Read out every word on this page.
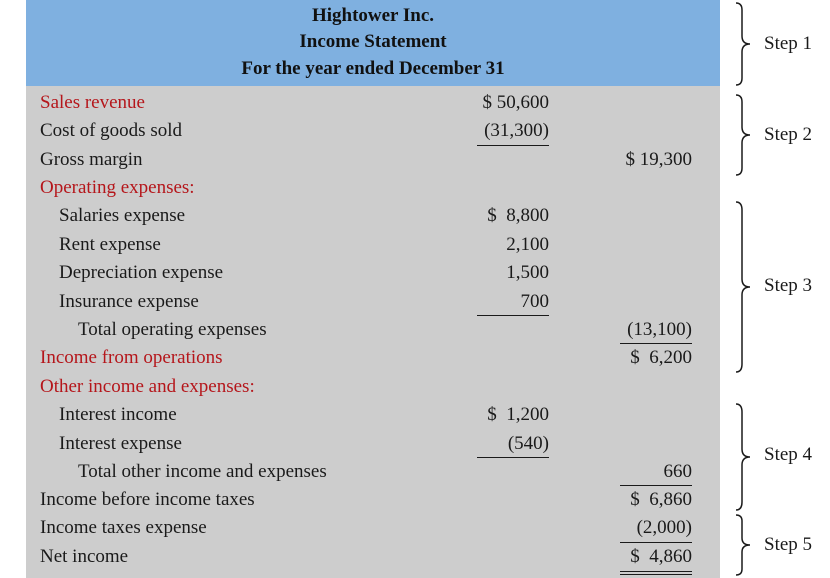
Hightower Inc.
Income Statement
For the year ended December 31
Sales revenue	$ 50,600
Cost of goods sold	(31,300)
Gross margin	$ 19,300
Operating expenses:
Salaries expense	$  8,800
Rent expense	2,100
Depreciation expense	1,500
Insurance expense	700
Total operating expenses	(13,100)
Income from operations	$  6,200
Other income and expenses:
Interest income	$  1,200
Interest expense	(540)
Total other income and expenses	660
Income before income taxes	$  6,860
Income taxes expense	(2,000)
Net income	$  4,860
Step 1
Step 2
Step 3
Step 4
Step 5
